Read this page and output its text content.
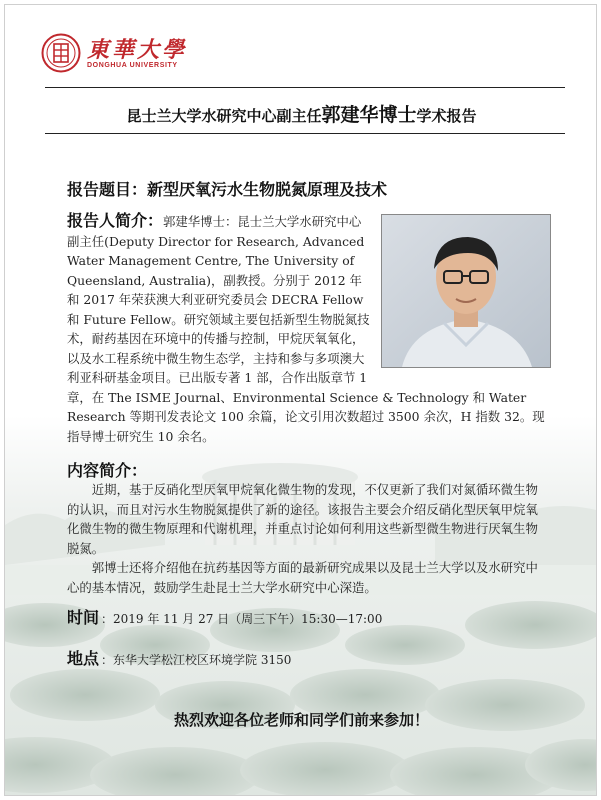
東華大學
DONGHUA UNIVERSITY
昆士兰大学水研究中心副主任郭建华博士学术报告
报告题目：新型厌氧污水生物脱氮原理及技术
报告人简介：郭建华博士：昆士兰大学水研究中心副主任(Deputy Director for Research, Advanced Water Management Centre, The University of Queensland, Australia)，副教授。分别于 2012 年和 2017 年荣获澳大利亚研究委员会 DECRA Fellow 和 Future Fellow。研究领域主要包括新型生物脱氮技术，耐药基因在环境中的传播与控制，甲烷厌氧氧化，以及水工程系统中微生物生态学，主持和参与多项澳大利亚科研基金项目。已出版专著 1 部，合作出版章节 1 章，在 The ISME Journal、Environmental Science & Technology 和 Water Research 等期刊发表论文 100 余篇，论文引用次数超过 3500 余次，H 指数 32。现指导博士研究生 10 余名。
内容简介：

近期，基于反硝化型厌氧甲烷氧化微生物的发现，不仅更新了我们对氮循环微生物的认识，而且对污水生物脱氮提供了新的途径。该报告主要会介绍反硝化型厌氧甲烷氧化微生物的微生物原理和代谢机理，并重点讨论如何利用这些新型微生物进行厌氧生物脱氮。

郭博士还将介绍他在抗药基因等方面的最新研究成果以及昆士兰大学以及水研究中心的基本情况，鼓励学生赴昆士兰大学水研究中心深造。

时间 ：2019 年 11 月 27 日（周三下午）15:30—17:00
地点 ：东华大学松江校区环境学院 3150
热烈欢迎各位老师和同学们前来参加！
